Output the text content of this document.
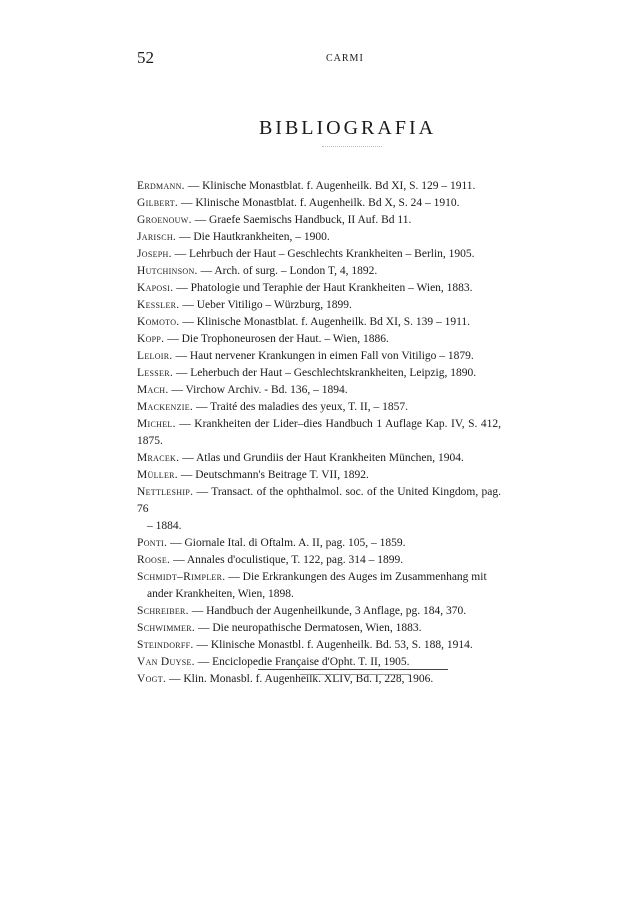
52	CARMI
BIBLIOGRAFIA
Erdmann. — Klinische Monastblat. f. Augenheilk. Bd XI, S. 129 – 1911.
Gilbert. — Klinische Monastblat. f. Augenheilk. Bd X, S. 24 – 1910.
Groenouw. — Graefe Saemischs Handbuck, II Auf. Bd 11.
Jarisch. — Die Hautkrankheiten, – 1900.
Joseph. — Lehrbuch der Haut – Geschlechts Krankheiten – Berlin, 1905.
Hutchinson. — Arch. of surg. – London T, 4, 1892.
Kaposi. — Phatologie und Teraphie der Haut Krankheiten – Wien, 1883.
Kessler. — Ueber Vitiligo – Würzburg, 1899.
Komoto. — Klinische Monastblat. f. Augenheilk. Bd XI, S. 139 – 1911.
Kopp. — Die Trophoneurosen der Haut. – Wien, 1886.
Leloir. — Haut nervener Krankungen in eimen Fall von Vitiligo – 1879.
Lesser. — Leherbuch der Haut – Geschlechtskrankheiten, Leipzig, 1890.
Mach. — Virchow Archiv. - Bd. 136, – 1894.
Mackenzie. — Traité des maladies des yeux, T. II, – 1857.
Michel. — Krankheiten der Lider–dies Handbuch 1 Auflage Kap. IV, S. 412, 1875.
Mracek. — Atlas und Grundiis der Haut Krankheiten München, 1904.
Müller. — Deutschmann's Beitrage T. VII, 1892.
Nettleship. — Transact. of the ophthalmol. soc. of the United Kingdom, pag. 76
– 1884.
Ponti. — Giornale Ital. di Oftalm. A. II, pag. 105, – 1859.
Roose. — Annales d'oculistique, T. 122, pag. 314 – 1899.
Schmidt–Rimpler. — Die Erkrankungen des Auges im Zusammenhang mit
ander Krankheiten, Wien, 1898.
Schreiber. — Handbuch der Augenheilkunde, 3 Anflage, pg. 184, 370.
Schwimmer. — Die neuropathische Dermatosen, Wien, 1883.
Steindorff. — Klinische Monastbl. f. Augenheilk. Bd. 53, S. 188, 1914.
Van Duyse. — Enciclopedie Française d'Opht. T. II, 1905.
Vogt. — Klin. Monasbl. f. Augenheilk. XLIV, Bd. I, 228, 1906.
